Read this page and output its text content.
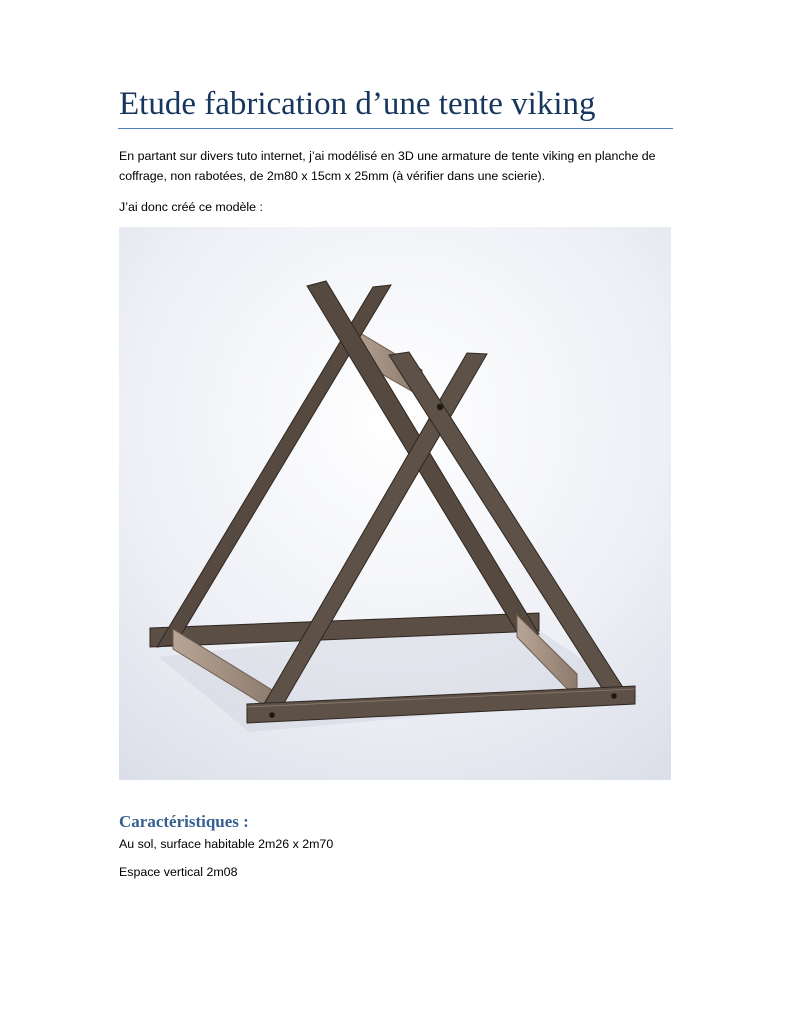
Etude fabrication d’une tente viking

En partant sur divers tuto internet, j’ai modélisé en 3D une armature de tente viking en planche de coffrage, non rabotées, de 2m80 x 15cm x 25mm (à vérifier dans une scierie).

J’ai donc créé ce modèle :

Caractéristiques :

Au sol, surface habitable 2m26 x 2m70

Espace vertical 2m08
